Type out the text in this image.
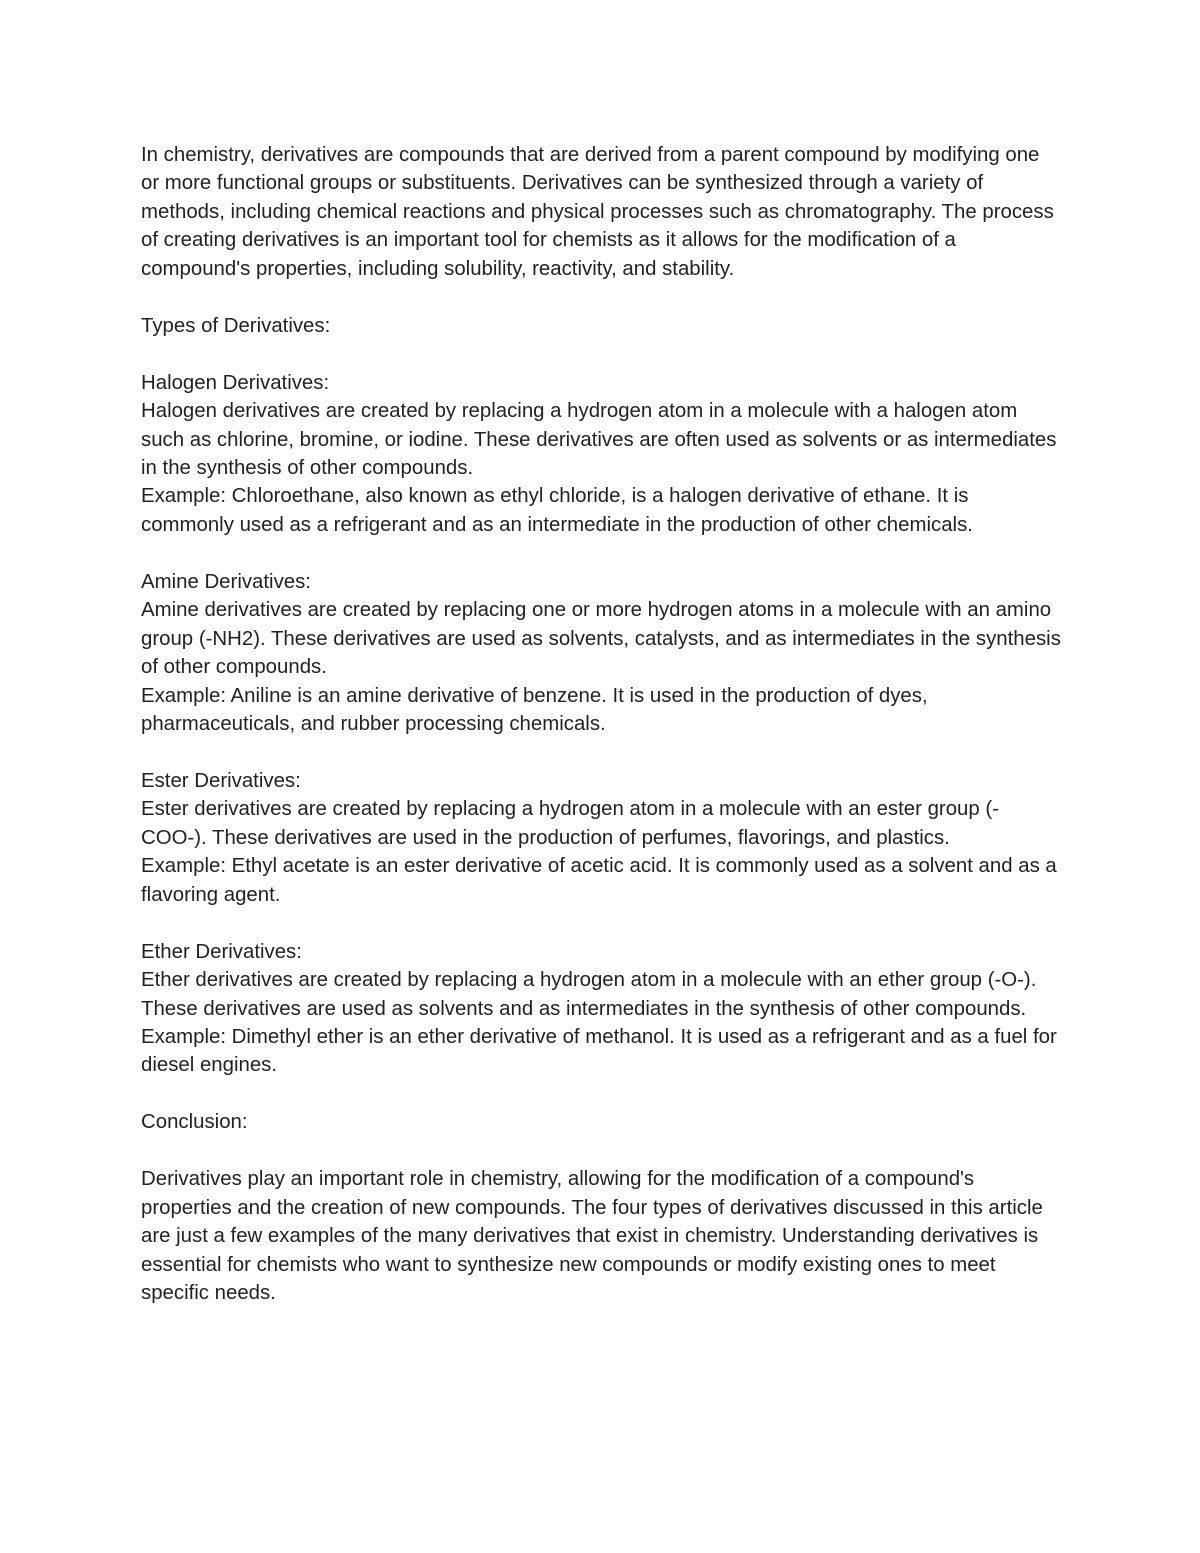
In chemistry, derivatives are compounds that are derived from a parent compound by modifying one or more functional groups or substituents. Derivatives can be synthesized through a variety of methods, including chemical reactions and physical processes such as chromatography. The process of creating derivatives is an important tool for chemists as it allows for the modification of a compound's properties, including solubility, reactivity, and stability.

Types of Derivatives:

Halogen Derivatives:

Halogen derivatives are created by replacing a hydrogen atom in a molecule with a halogen atom such as chlorine, bromine, or iodine. These derivatives are often used as solvents or as intermediates in the synthesis of other compounds.

Example: Chloroethane, also known as ethyl chloride, is a halogen derivative of ethane. It is commonly used as a refrigerant and as an intermediate in the production of other chemicals.

Amine Derivatives:

Amine derivatives are created by replacing one or more hydrogen atoms in a molecule with an amino group (-NH2). These derivatives are used as solvents, catalysts, and as intermediates in the synthesis of other compounds.

Example: Aniline is an amine derivative of benzene. It is used in the production of dyes, pharmaceuticals, and rubber processing chemicals.

Ester Derivatives:

Ester derivatives are created by replacing a hydrogen atom in a molecule with an ester group (-COO-). These derivatives are used in the production of perfumes, flavorings, and plastics.

Example: Ethyl acetate is an ester derivative of acetic acid. It is commonly used as a solvent and as a flavoring agent.

Ether Derivatives:

Ether derivatives are created by replacing a hydrogen atom in a molecule with an ether group (-O-). These derivatives are used as solvents and as intermediates in the synthesis of other compounds.

Example: Dimethyl ether is an ether derivative of methanol. It is used as a refrigerant and as a fuel for diesel engines.

Conclusion:

Derivatives play an important role in chemistry, allowing for the modification of a compound's properties and the creation of new compounds. The four types of derivatives discussed in this article are just a few examples of the many derivatives that exist in chemistry. Understanding derivatives is essential for chemists who want to synthesize new compounds or modify existing ones to meet specific needs.
